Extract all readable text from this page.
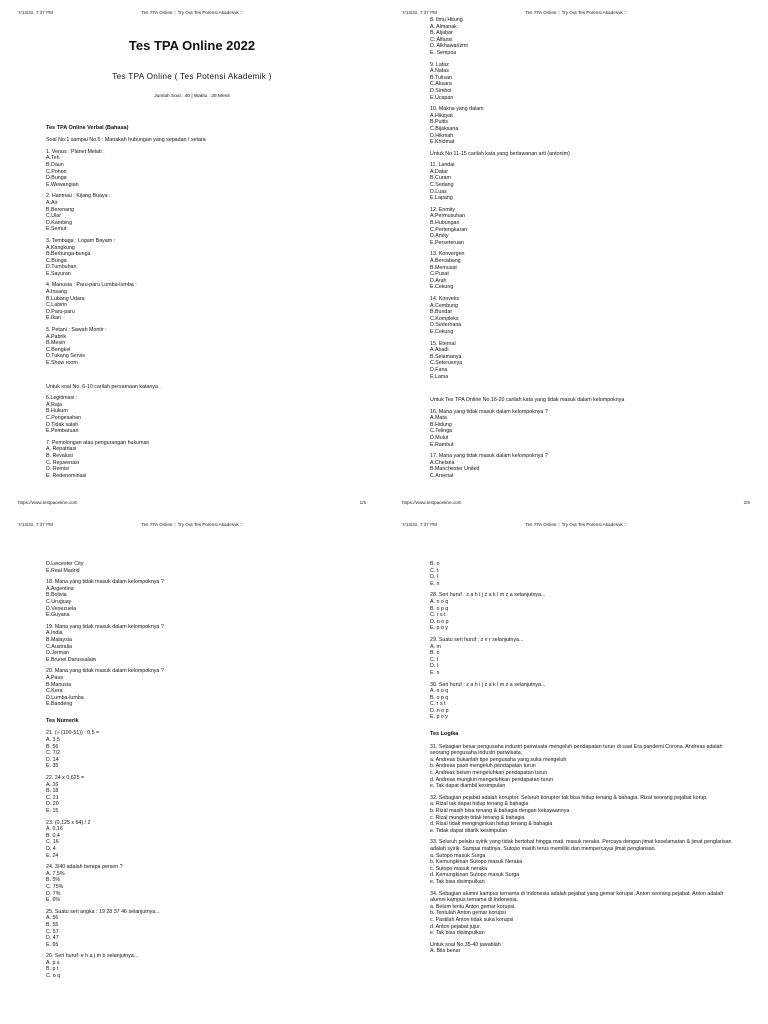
7/13/22, 7:37 PM	Tes TPA Online :: Try Out Tes Potensi Akademik ::
Tes TPA Online 2022
Tes TPA Online ( Tes Potensi Akademik )
Jumlah Soal : 40 | Waktu : 25 Menit
Tes TPA Online Verbal (Bahasa)
Soal No.1 sampai No.5 : Manakah hubungan yang sepadan / setara
1. Venus : Planet Melati :
A.Teh
B.Daun
C.Pohon
D.Bunga
E.Wewangian
2. Harimau : Kijang Buaya :
A.Air
B.Berenang
C.Ular
D.Kambing
E.Semut
3. Tembaga : Logam Bayam :
A.Kangkung
B.Berbunga-bunga
C.Bunga
D.Tumbuhan
E.Sayuran
4. Manusia : Paru-paru Lumba-lumba :
A.Insang
B.Lubang Udara
C.Labirin
D.Paru-paru
E.Ikan
5. Petani : Sawah Montir :
A.Pabrik
B.Mesin
C.Bengkel
D.Tukang Servis
E.Show room
Untuk soal No. 6-10 carilah persamaan katanya .
6.Legitimasi :
A.Raja
B.Hukum
C.Pengesahan
D.Tidak salah
E.Pembaruan
7. Pemolongan atau pengurangan hukuman
A. Repatriasi
B. Revalusi
C. Rejuvenasi
D. Remisi
E. Redenominasi
https://www.testpaonline.com	1/5
7/13/22, 7:37 PM	Tes TPA Online :: Try Out Tes Potensi Akademik ::
8. Ilmu Hitung
A. Almanak
B. Aljabar
C. Alfansi
D. Alkhawarizmi
E. Sempoa
9. Lafaz
A.Nafas
B.Tulisan
C.Aksara
D.Simbol
E.Ucapan
10. Makna yang dalam
A.Hikayat
B.Puitis
C.Bijaksana
D.Hikmah
E.Khidmat
Untuk No.11-15 carilah kata yang berlawanan arti (antonim)
11. Landai
A.Datar
B.Curam
C.Sedang
D.Luas
E.Lapang
12. Enmity
A.Permusuhan
B.Hubungan
C.Pertengkaran
D.Amity
E.Perseteruan
13. Konvergen
A.Bercabang
B.Memusat
C.Pusat
D.Arah
E.Cekung
14. Konveks
A.Cembung
B.Bundar
C.Kompleks
D.Sederhana
E.Cekung
15. Eternal
A.Abadi
B.Selamanya
C.Seterusnya
D.Fana
E.Lama
Untuk Tes TPA Online No.16-20 carilah kata yang tidak masuk dalam kelompoknya
16. Mana yang tidak masuk dalam kelompoknya ?
A.Mata
B.Hidung
C.Telinga
D.Mulut
E.Rambut
17. Mana yang tidak masuk dalam kelompoknya ?
A.Chelsea
B.Manchester United
C.Arsenal
https://www.testpaonline.com	2/5
7/13/22, 7:37 PM	Tes TPA Online :: Try Out Tes Potensi Akademik ::
D.Leicester City
E.Real Madrid
18. Mana yang tidak masuk dalam kelompoknya ?
A.Argentina
B.Bolivia
C.Uruguay
D.Venezuela
E.Guyana
19. Mana yang tidak masuk dalam kelompoknya ?
A.India
B.Malaysia
C.Australia
D.Jerman
E.Brunei Darussalam
20. Mana yang tidak masuk dalam kelompoknya ?
A.Paus
B.Manusia
C.Kera
D.Lumba-lumba
E.Bandeng
Tes Numerik
21. (√ (100-51)) : 0,5 =
A. 3,5
B. 56
C. 7/2
D. 14
E. 35
22. 24 x 0,625 =
A. 16
B. 18
C. 21
D. 20
E. 15
23. (0,125 x 64) / 2
A. 0,16
B. 0,4
C. 16
D. 4
E. 24
24. 3/40 adalah berapa persen ?
A. 7,5%
B. 5%
C. 75%
D. 7%
E. 6%
25. Suatu seri angka : 19 28 37 46 selanjutnya...
A. 56
B. 55
C. 57
D. 47
E. 65
26. Seri huruf: e h a j m b selanjutnya...
A. p s
B. p t
C. o q
7/13/22, 7:37 PM	Tes TPA Online :: Try Out Tes Potensi Akademik ::
B. o
C. t
D. l
E. n
28. Seri huruf : z a h i j z a k l m z a selanjutnya...
A. n o q
B. o p q
C. r s t
D. n o p
E. p o y
29. Suatu seri huruf : z v r selanjutnya...
A. m
B. o
C. t
D. l
E. n
30. Seri huruf : z a h i j z a k l m z a selanjutnya...
A. n o q
B. o p q
C. r s t
D. n o p
E. p o y
Tes Logika
31. Sebagian besar pengusaha industri pariwisata mengeluh pendapatan turun di saat Era pandemi Corona. Andreas adalah seorang pengusaha industri pariwisata.
a. Andreas bukanlah tipe pengusaha yang suka mengeluh
b. Andreas pasti mengeluh pendapatan turun
c. Andreas belum mengeluhkan pendapatan turun
d. Andreas mungkin mengeluhkan pendapatan turun
e. Tak dapat diambil kesimpulan
32. Sebagian pejabat adalah koruptor. Seluruh koruptor tak bisa hidup tenang & bahagia. Rizal seorang pejabat korup.
a. Rizal tak dapat hidup tenang & bahagia
b. Rizal masih bisa tenang & bahagia dengan kekayaannya
c. Rizal mungkin tidak tenang & bahagia
d. Rizal tidak menginginkan hidup tenang & bahagia
e. Tidak dapat ditarik kesimpulan
33. Seluruh pelaku syirik yang tidak bertobat hingga mati, masuk neraka. Percaya dengan jimat keselamatan & jimat penglarisan adalah syirik. Sampai matinya, Sutopo masih terus memiliki dan mempercayai jimat penglarisan.
a. Sutopo masuk Surga
b. Kemungkinan Sutopo masuk Neraka
c. Sutopo masuk neraka
d. Kemungkinan Sutopo masuk Surga
e. Tak bisa disimpulkan
34. Sebagian alumni kampus ternama di Indonesia adalah pejabat yang gemar korupsi. Anton seorang pejabat. Anton adalah alumni kampus ternama di Indonesia.
a. Belum tentu Anton gemar korupsi.
b. Tentulah Anton gemar korupsi
c. Pastilah Anton tidak suka korupsi
d. Anton pejabat jujur.
e. Tak bisa disimpulkan
Untuk soal No.35-40 jawablah :
A. Bila benar
